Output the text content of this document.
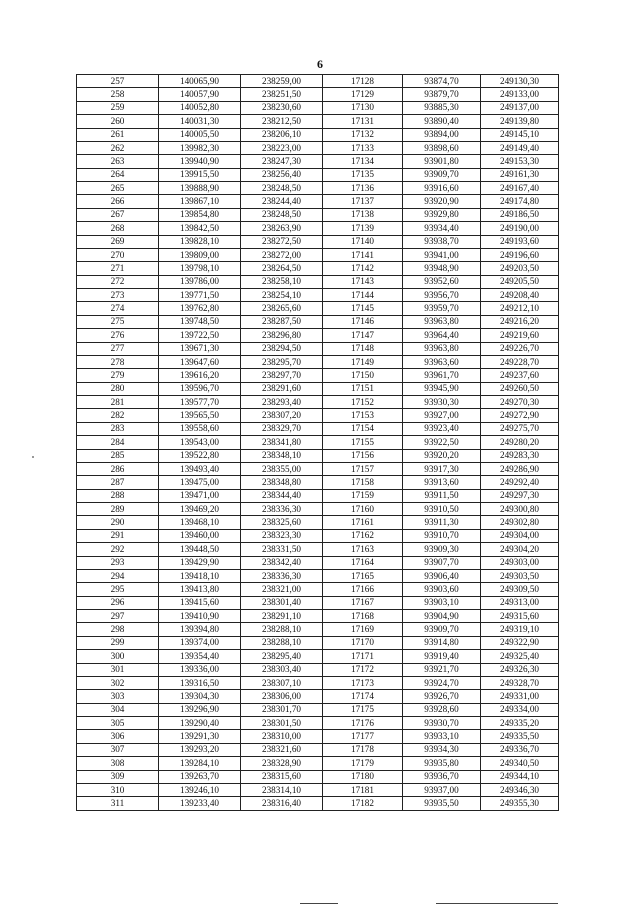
6
257	140065,90	238259,00	17128	93874,70	249130,30
258	140057,90	238251,50	17129	93879,70	249133,00
259	140052,80	238230,60	17130	93885,30	249137,00
260	140031,30	238212,50	17131	93890,40	249139,80
261	140005,50	238206,10	17132	93894,00	249145,10
262	139982,30	238223,00	17133	93898,60	249149,40
263	139940,90	238247,30	17134	93901,80	249153,30
264	139915,50	238256,40	17135	93909,70	249161,30
265	139888,90	238248,50	17136	93916,60	249167,40
266	139867,10	238244,40	17137	93920,90	249174,80
267	139854,80	238248,50	17138	93929,80	249186,50
268	139842,50	238263,90	17139	93934,40	249190,00
269	139828,10	238272,50	17140	93938,70	249193,60
270	139809,00	238272,00	17141	93941,00	249196,60
271	139798,10	238264,50	17142	93948,90	249203,50
272	139786,00	238258,10	17143	93952,60	249205,50
273	139771,50	238254,10	17144	93956,70	249208,40
274	139762,80	238265,60	17145	93959,70	249212,10
275	139748,50	238287,50	17146	93963,80	249216,20
276	139722,50	238296,80	17147	93964,40	249219,60
277	139671,30	238294,50	17148	93963,80	249226,70
278	139647,60	238295,70	17149	93963,60	249228,70
279	139616,20	238297,70	17150	93961,70	249237,60
280	139596,70	238291,60	17151	93945,90	249260,50
281	139577,70	238293,40	17152	93930,30	249270,30
282	139565,50	238307,20	17153	93927,00	249272,90
283	139558,60	238329,70	17154	93923,40	249275,70
284	139543,00	238341,80	17155	93922,50	249280,20
285	139522,80	238348,10	17156	93920,20	249283,30
286	139493,40	238355,00	17157	93917,30	249286,90
287	139475,00	238348,80	17158	93913,60	249292,40
288	139471,00	238344,40	17159	93911,50	249297,30
289	139469,20	238336,30	17160	93910,50	249300,80
290	139468,10	238325,60	17161	93911,30	249302,80
291	139460,00	238323,30	17162	93910,70	249304,00
292	139448,50	238331,50	17163	93909,30	249304,20
293	139429,90	238342,40	17164	93907,70	249303,00
294	139418,10	238336,30	17165	93906,40	249303,50
295	139413,80	238321,00	17166	93903,60	249309,50
296	139415,60	238301,40	17167	93903,10	249313,00
297	139410,90	238291,10	17168	93904,90	249315,60
298	139394,80	238288,10	17169	93909,70	249319,10
299	139374,00	238288,10	17170	93914,80	249322,90
300	139354,40	238295,40	17171	93919,40	249325,40
301	139336,00	238303,40	17172	93921,70	249326,30
302	139316,50	238307,10	17173	93924,70	249328,70
303	139304,30	238306,00	17174	93926,70	249331,00
304	139296,90	238301,70	17175	93928,60	249334,00
305	139290,40	238301,50	17176	93930,70	249335,20
306	139291,30	238310,00	17177	93933,10	249335,50
307	139293,20	238321,60	17178	93934,30	249336,70
308	139284,10	238328,90	17179	93935,80	249340,50
309	139263,70	238315,60	17180	93936,70	249344,10
310	139246,10	238314,10	17181	93937,00	249346,30
311	139233,40	238316,40	17182	93935,50	249355,30
